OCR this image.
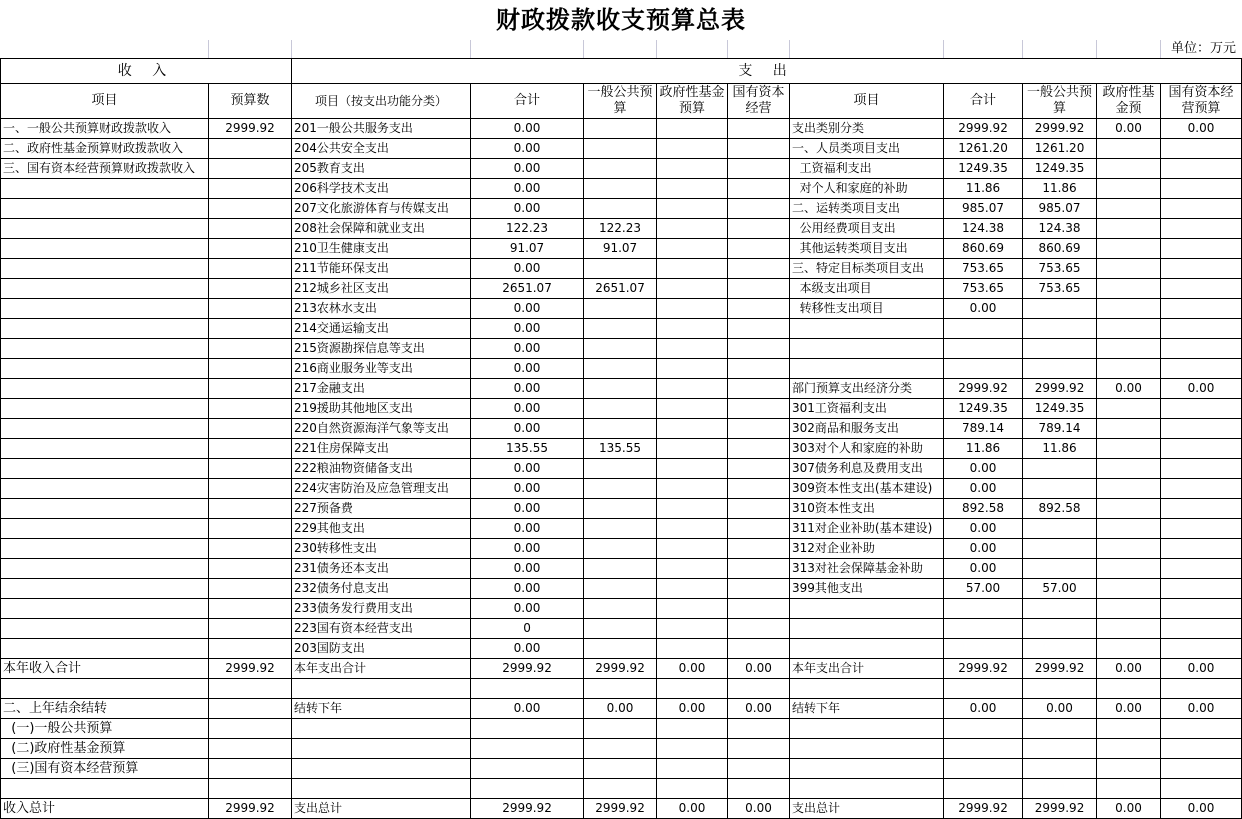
财政拨款收支预算总表
单位：万元
收 入		支 出									
项目	预算数	项目（按支出功能分类）	合计	一般公共预算	政府性基金预算	国有资本经营	项目	合计	一般公共预算	政府性基金预	国有资本经营预算
一、一般公共预算财政拨款收入	2999.92	201一般公共服务支出	0.00				支出类别分类	2999.92	2999.92	0.00	0.00
二、政府性基金预算财政拨款收入		204公共安全支出	0.00				一、人员类项目支出	1261.20	1261.20		
三、国有资本经营预算财政拨款收入		205教育支出	0.00				工资福利支出	1249.35	1249.35		
		206科学技术支出	0.00				对个人和家庭的补助	11.86	11.86		
		207文化旅游体育与传媒支出	0.00				二、运转类项目支出	985.07	985.07		
		208社会保障和就业支出	122.23	122.23			公用经费项目支出	124.38	124.38		
		210卫生健康支出	91.07	91.07			其他运转类项目支出	860.69	860.69		
		211节能环保支出	0.00				三、特定目标类项目支出	753.65	753.65		
		212城乡社区支出	2651.07	2651.07			本级支出项目	753.65	753.65		
		213农林水支出	0.00				转移性支出项目	0.00			
		214交通运输支出	0.00								
		215资源勘探信息等支出	0.00								
		216商业服务业等支出	0.00								
		217金融支出	0.00				部门预算支出经济分类	2999.92	2999.92	0.00	0.00
		219援助其他地区支出	0.00				301工资福利支出	1249.35	1249.35		
		220自然资源海洋气象等支出	0.00				302商品和服务支出	789.14	789.14		
		221住房保障支出	135.55	135.55			303对个人和家庭的补助	11.86	11.86		
		222粮油物资储备支出	0.00				307债务利息及费用支出	0.00			
		224灾害防治及应急管理支出	0.00				309资本性支出(基本建设)	0.00			
		227预备费	0.00				310资本性支出	892.58	892.58		
		229其他支出	0.00				311对企业补助(基本建设)	0.00			
		230转移性支出	0.00				312对企业补助	0.00			
		231债务还本支出	0.00				313对社会保障基金补助	0.00			
		232债务付息支出	0.00				399其他支出	57.00	57.00		
		233债务发行费用支出	0.00								
		223国有资本经营支出	0								
		203国防支出	0.00								
本年收入合计	2999.92	本年支出合计	2999.92	2999.92	0.00	0.00	本年支出合计	2999.92	2999.92	0.00	0.00

二、上年结余结转		结转下年	0.00	0.00	0.00	0.00	结转下年	0.00	0.00	0.00	0.00
(一)一般公共预算											
(二)政府性基金预算											
(三)国有资本经营预算											

收入总计	2999.92	支出总计	2999.92	2999.92	0.00	0.00	支出总计	2999.92	2999.92	0.00	0.00
